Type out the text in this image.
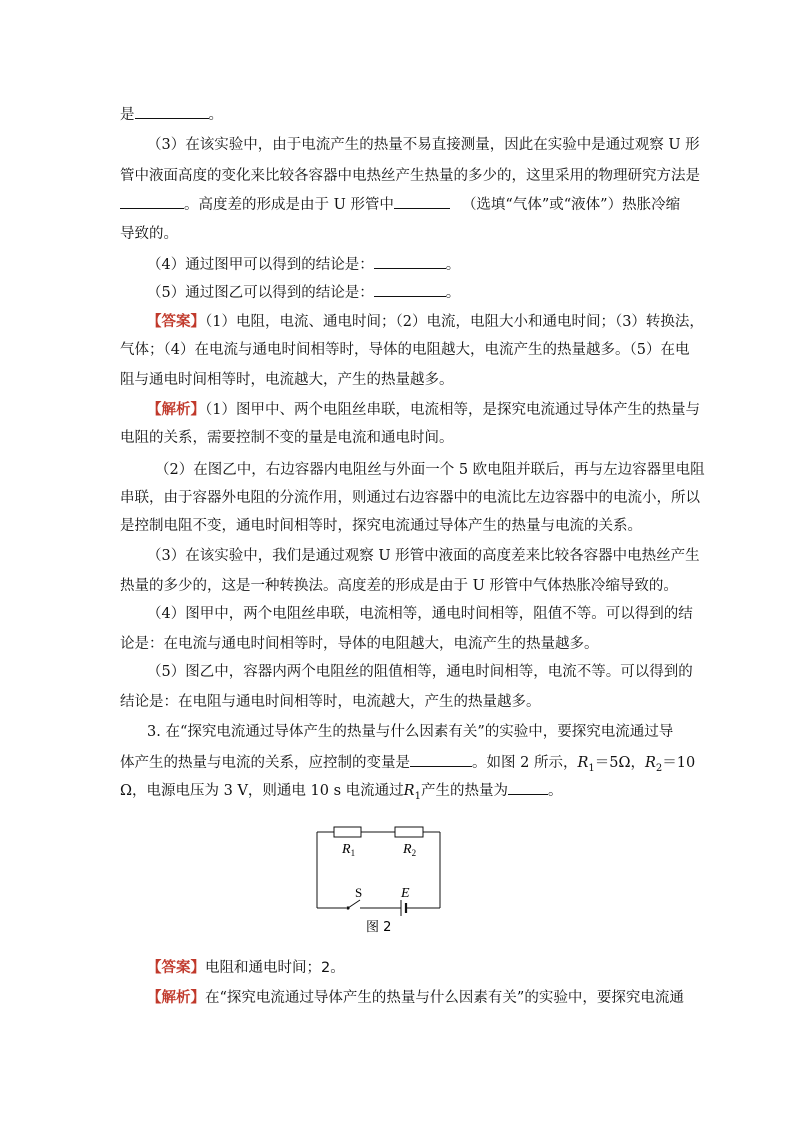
是	。
（3）在该实验中，由于电流产生的热量不易直接测量，因此在实验中是通过观察 U 形
管中液面高度的变化来比较各容器中电热丝产生热量的多少的，这里采用的物理研究方法是
。高度差的形成是由于 U 形管中	（选填“气体”或“液体”）热胀冷缩
导致的。
（4）通过图甲可以得到的结论是：	。
（5）通过图乙可以得到的结论是：	。
【答案】（1）电阻，电流、通电时间；（2）电流，电阻大小和通电时间；（3）转换法，
气体；（4）在电流与通电时间相等时，导体的电阻越大，电流产生的热量越多。（5）在电
阻与通电时间相等时，电流越大，产生的热量越多。
【解析】（1）图甲中、两个电阻丝串联，电流相等，是探究电流通过导体产生的热量与
电阻的关系，需要控制不变的量是电流和通电时间。
（2）在图乙中，右边容器内电阻丝与外面一个 5 欧电阻并联后，再与左边容器里电阻
串联，由于容器外电阻的分流作用，则通过右边容器中的电流比左边容器中的电流小，所以
是控制电阻不变，通电时间相等时，探究电流通过导体产生的热量与电流的关系。
（3）在该实验中，我们是通过观察 U 形管中液面的高度差来比较各容器中电热丝产生
热量的多少的，这是一种转换法。高度差的形成是由于 U 形管中气体热胀冷缩导致的。
（4）图甲中，两个电阻丝串联，电流相等，通电时间相等，阻值不等。可以得到的结
论是：在电流与通电时间相等时，导体的电阻越大，电流产生的热量越多。
（5）图乙中，容器内两个电阻丝的阻值相等，通电时间相等，电流不等。可以得到的
结论是：在电阻与通电时间相等时，电流越大，产生的热量越多。
3. 在“探究电流通过导体产生的热量与什么因素有关”的实验中，要探究电流通过导
体产生的热量与电流的关系，应控制的变量是	。如图 2 所示，$R_1=5\Omega$，$R_2=10$
Ω，电源电压为 3 V，则通电 10 s 电流通过$R_1$产生的热量为	。
$R_1$	$R_2$
S	E
图 2
【答案】电阻和通电时间；2。
【解析】在“探究电流通过导体产生的热量与什么因素有关”的实验中，要探究电流通
